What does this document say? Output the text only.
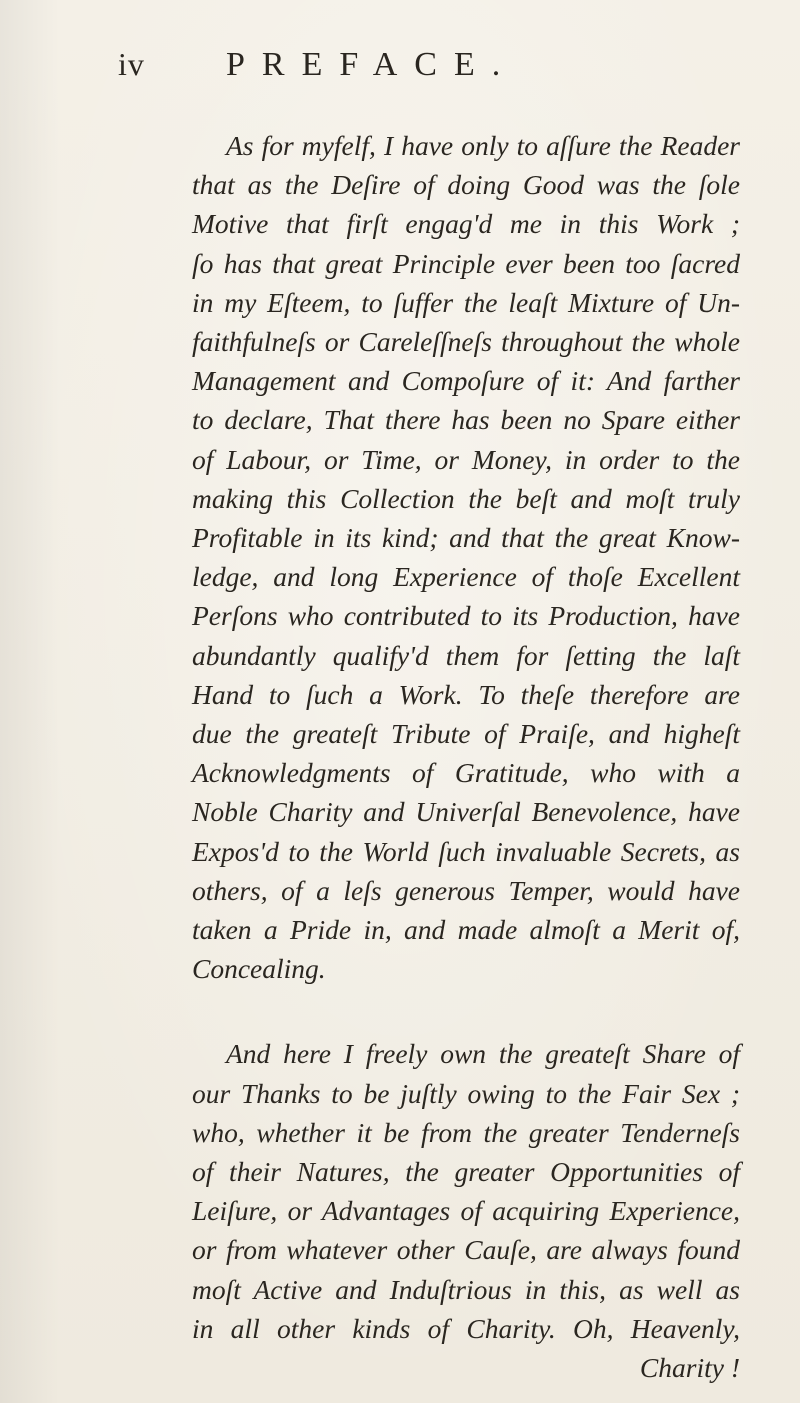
iv PREFACE.
As for myfelf, I have only to aſſure the Reader
that as the Deſire of doing Good was the ſole
Motive that firſt engag'd me in this Work ;
ſo has that great Principle ever been too ſacred
in my Eſteem, to ſuffer the leaſt Mixture of Un-
faithfulneſs or Careleſſneſs throughout the whole
Management and Compoſure of it: And farther
to declare, That there has been no Spare either
of Labour, or Time, or Money, in order to the
making this Collection the beſt and moſt truly
Profitable in its kind; and that the great Know-
ledge, and long Experience of thoſe Excellent
Perſons who contributed to its Production, have
abundantly qualify'd them for ſetting the laſt
Hand to ſuch a Work. To theſe therefore are
due the greateſt Tribute of Praiſe, and higheſt
Acknowledgments of Gratitude, who with a
Noble Charity and Univerſal Benevolence, have
Expos'd to the World ſuch invaluable Secrets, as
others, of a leſs generous Temper, would have
taken a Pride in, and made almoſt a Merit of,
Concealing.
And here I freely own the greateſt Share of
our Thanks to be juſtly owing to the Fair Sex ;
who, whether it be from the greater Tenderneſs
of their Natures, the greater Opportunities of
Leiſure, or Advantages of acquiring Experience,
or from whatever other Cauſe, are always found
moſt Active and Induſtrious in this, as well as
in all other kinds of Charity. Oh, Heavenly,
Charity !
